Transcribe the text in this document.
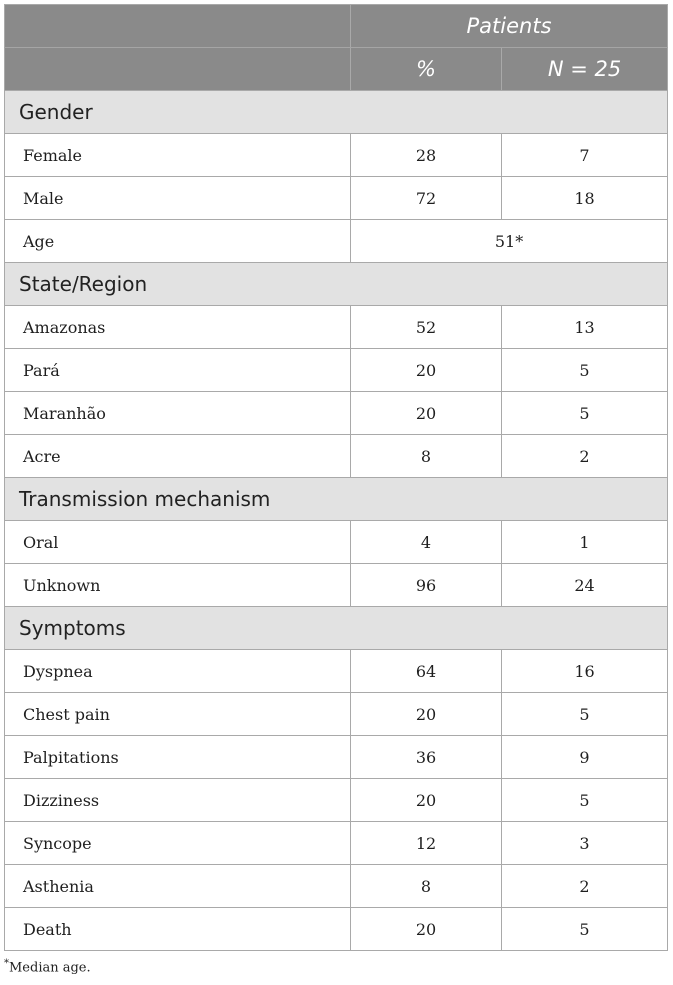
	Patients	
	%	N = 25
Gender		
Female	28	7
Male	72	18
Age	51*	
State/Region		
Amazonas	52	13
Pará	20	5
Maranhão	20	5
Acre	8	2
Transmission mechanism		
Oral	4	1
Unknown	96	24
Symptoms		
Dyspnea	64	16
Chest pain	20	5
Palpitations	36	9
Dizziness	20	5
Syncope	12	3
Asthenia	8	2
Death	20	5
*Median age.
